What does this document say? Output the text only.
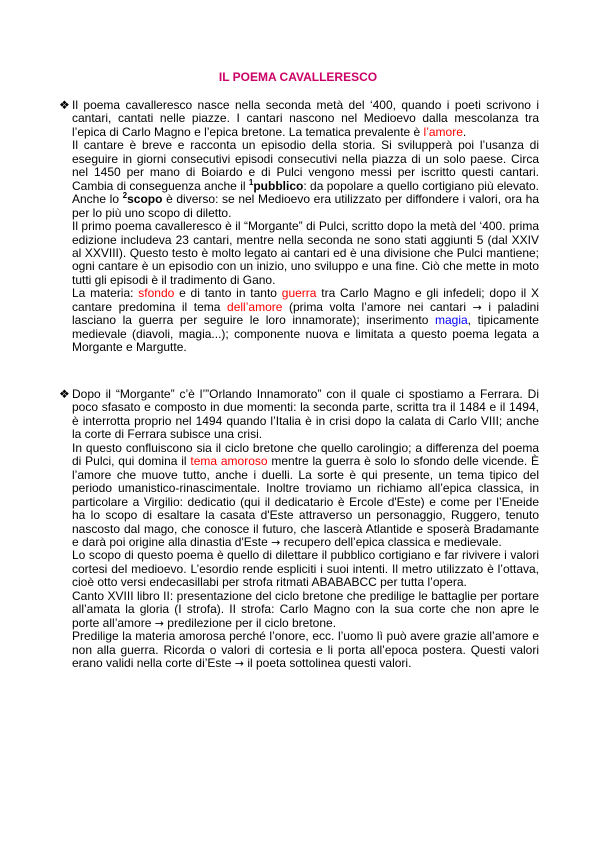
IL POEMA CAVALLERESCO
❖ Il poema cavalleresco nasce nella seconda metà del ‘400, quando i poeti scrivono i cantari, cantati nelle piazze. I cantari nascono nel Medioevo dalla mescolanza tra l’epica di Carlo Magno e l’epica bretone. La tematica prevalente è l’amore.

Il cantare è breve e racconta un episodio della storia. Si svilupperà poi l’usanza di eseguire in giorni consecutivi episodi consecutivi nella piazza di un solo paese. Circa nel 1450 per mano di Boiardo e di Pulci vengono messi per iscritto questi cantari. Cambia di conseguenza anche il $^1$pubblico: da popolare a quello cortigiano più elevato. Anche lo $^2$scopo è diverso: se nel Medioevo era utilizzato per diffondere i valori, ora ha per lo più uno scopo di diletto.

Il primo poema cavalleresco è il “Morgante” di Pulci, scritto dopo la metà del ‘400. prima edizione includeva 23 cantari, mentre nella seconda ne sono stati aggiunti 5 (dal XXIV al XXVIII). Questo testo è molto legato ai cantari ed è una divisione che Pulci mantiene; ogni cantare è un episodio con un inizio, uno sviluppo e una fine. Ciò che mette in moto tutti gli episodi è il tradimento di Gano.

La materia: sfondo e di tanto in tanto guerra tra Carlo Magno e gli infedeli; dopo il X cantare predomina il tema dell’amore (prima volta l’amore nei cantari → i paladini lasciano la guerra per seguire le loro innamorate); inserimento magia, tipicamente medievale (diavoli, magia...); componente nuova e limitata a questo poema legata a Morgante e Margutte.

❖ Dopo il “Morgante” c’è l’”Orlando Innamorato” con il quale ci spostiamo a Ferrara. Di poco sfasato e composto in due momenti: la seconda parte, scritta tra il 1484 e il 1494, è interrotta proprio nel 1494 quando l’Italia è in crisi dopo la calata di Carlo VIII; anche la corte di Ferrara subisce una crisi.

In questo confluiscono sia il ciclo bretone che quello carolingio; a differenza del poema di Pulci, qui domina il tema amoroso mentre la guerra è solo lo sfondo delle vicende. È l’amore che muove tutto, anche i duelli. La sorte è qui presente, un tema tipico del periodo umanistico-rinascimentale. Inoltre troviamo un richiamo all’epica classica, in particolare a Virgilio: dedicatio (qui il dedicatario è Ercole d'Este) e come per l’Eneide ha lo scopo di esaltare la casata d'Este attraverso un personaggio, Ruggero, tenuto nascosto dal mago, che conosce il futuro, che lascerà Atlantide e sposerà Bradamante e darà poi origine alla dinastia d'Este → recupero dell’epica classica e medievale.

Lo scopo di questo poema è quello di dilettare il pubblico cortigiano e far rivivere i valori cortesi del medioevo. L’esordio rende espliciti i suoi intenti. Il metro utilizzato è l’ottava, cioè otto versi endecasillabi per strofa ritmati ABABABCC per tutta l’opera.

Canto XVIII libro II: presentazione del ciclo bretone che predilige le battaglie per portare all’amata la gloria (I strofa). II strofa: Carlo Magno con la sua corte che non apre le porte all’amore → predilezione per il ciclo bretone.

Predilige la materia amorosa perché l’onore, ecc. l’uomo lì può avere grazie all’amore e non alla guerra. Ricorda o valori di cortesia e li porta all’epoca postera. Questi valori erano validi nella corte di’Este → il poeta sottolinea questi valori.
